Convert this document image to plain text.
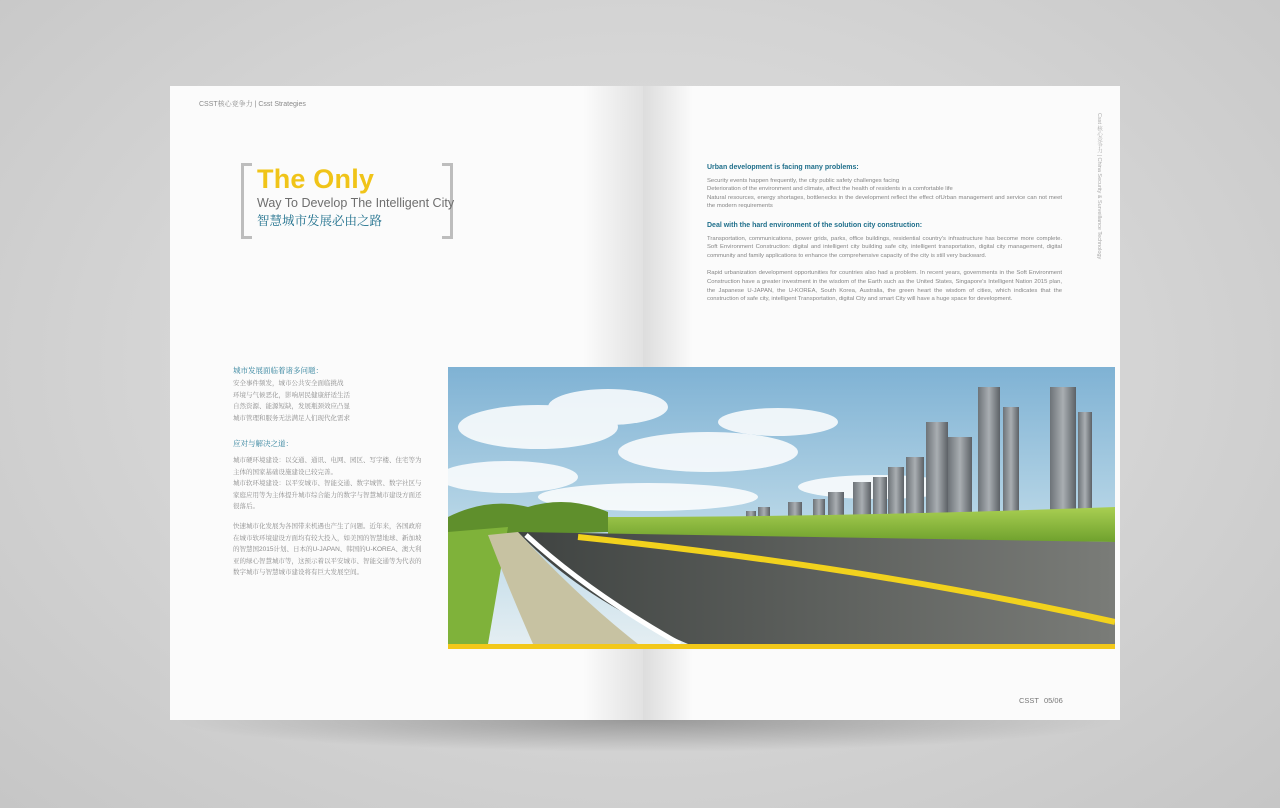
CSST核心竞争力 | Csst Strategies
The Only
Way To Develop The Intelligent City
智慧城市发展必由之路
城市发展面临着诸多问题：
安全事件频发，城市公共安全面临挑战
环境与气候恶化，影响居民健康舒适生活
自然资源、能源短缺，发展瓶颈效应凸显
城市管理和服务无法满足人们现代化需求
应对与解决之道：

城市硬环境建设：以交通、通讯、电网、园区、写字楼、住宅等为主体的国家基础设施建设已较完善。

城市软环境建设：以平安城市、智能交通、数字城管、数字社区与家庭应用等为主体提升城市综合能力的数字与智慧城市建设方面还很落后。

快速城市化发展为各国带来机遇也产生了问题。近年来，各国政府在城市软环境建设方面均有较大投入，如美国的智慧地球、新加坡的智慧国2015计划、日本的U-JAPAN、韩国的U-KOREA、澳大利亚的绿心智慧城市等，这预示着以平安城市、智能交通等为代表的数字城市与智慧城市建设将有巨大发展空间。

Urban development is facing many problems:
Security events happen frequently, the city public safety challenges facing
Deterioration of the environment and climate, affect the health of residents in a comfortable life
Natural resources, energy shortages, bottlenecks in the development reflect the effect ofUrban management and service can not meet the modern requirements
Deal with the hard environment of the solution city construction:

Transportation, communications, power grids, parks, office buildings, residential country's infrastructure has become more complete. Soft Environment Construction: digital and intelligent city building safe city, intelligent transportation, digital city management, digital community and family applications to enhance the comprehensive capacity of the city is still very backward.

Rapid urbanization development opportunities for countries also had a problem. In recent years, governments in the Soft Environment Construction have a greater investment in the wisdom of the Earth such as the United States, Singapore's Intelligent Nation 2015 plan, the Japanese U-JAPAN, the U-KOREA, South Korea, Australia, the green heart the wisdom of cities, which indicates that the construction of safe city, intelligent Transportation, digital City and smart City will have a huge space for development.

Csst 核心竞争力 | China Security & Surveillance Technology
CSST 05/06
